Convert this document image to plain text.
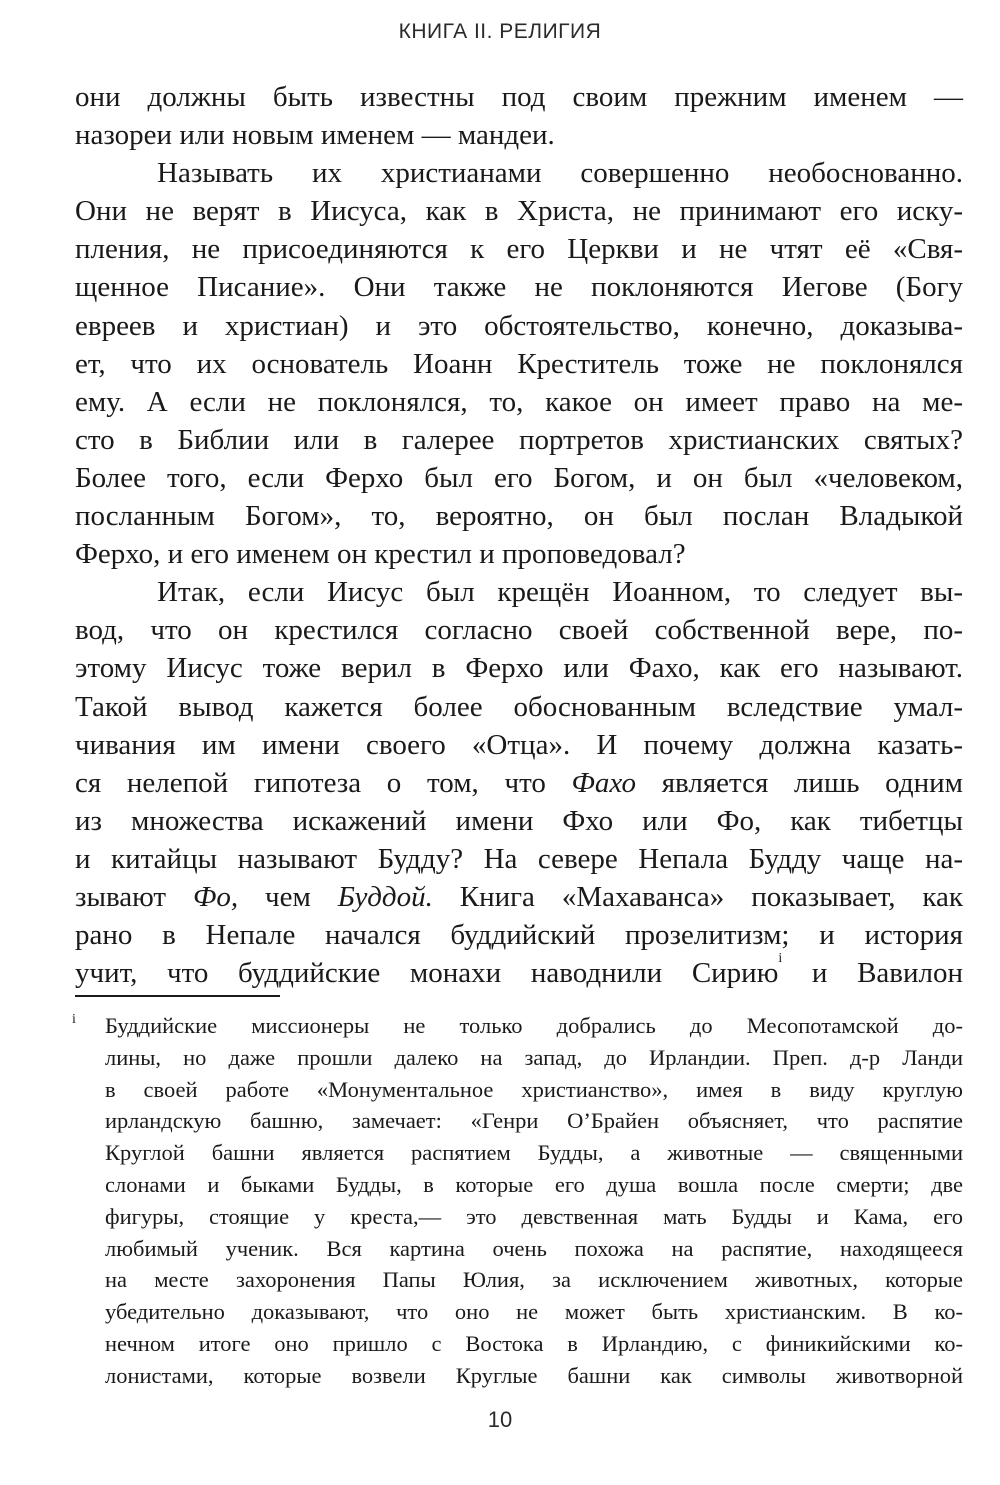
КНИГА II. РЕЛИГИЯ
они должны быть известны под своим прежним именем —
назореи или новым именем — мандеи.
Называть их христианами совершенно необоснованно.
Они не верят в Иисуса, как в Христа, не принимают его иску-
пления, не присоединяются к его Церкви и не чтят её «Свя-
щенное Писание». Они также не поклоняются Иегове (Богу
евреев и христиан) и это обстоятельство, конечно, доказыва-
ет, что их основатель Иоанн Креститель тоже не поклонялся
ему. А если не поклонялся, то, какое он имеет право на ме-
сто в Библии или в галерее портретов христианских святых?
Более того, если Ферхо был его Богом, и он был «человеком,
посланным Богом», то, вероятно, он был послан Владыкой
Ферхо, и его именем он крестил и проповедовал?
Итак, если Иисус был крещён Иоанном, то следует вы-
вод, что он крестился согласно своей собственной вере, по-
этому Иисус тоже верил в Ферхо или Фахо, как его называют.
Такой вывод кажется более обоснованным вследствие умал-
чивания им имени своего «Отца». И почему должна казать-
ся нелепой гипотеза о том, что Фахо является лишь одним
из множества искажений имени Фхо или Фо, как тибетцы
и китайцы называют Будду? На севере Непала Будду чаще на-
зывают Фо, чем Буддой. Книга «Махаванса» показывает, как
рано в Непале начался буддийский прозелитизм; и история
учит, что буддийские монахи наводнили Сирию$^i$ и Вавилон
i Буддийские миссионеры не только добрались до Месопотамской до-
лины, но даже прошли далеко на запад, до Ирландии. Преп. д-р Ланди
в своей работе «Монументальное христианство», имея в виду круглую
ирландскую башню, замечает: «Генри О’Брайен объясняет, что распятие
Круглой башни является распятием Будды, а животные — священными
слонами и быками Будды, в которые его душа вошла после смерти; две
фигуры, стоящие у креста,— это девственная мать Будды и Кама, его
любимый ученик. Вся картина очень похожа на распятие, находящееся
на месте захоронения Папы Юлия, за исключением животных, которые
убедительно доказывают, что оно не может быть христианским. В ко-
нечном итоге оно пришло с Востока в Ирландию, с финикийскими ко-
лонистами, которые возвели Круглые башни как символы животворной
10
